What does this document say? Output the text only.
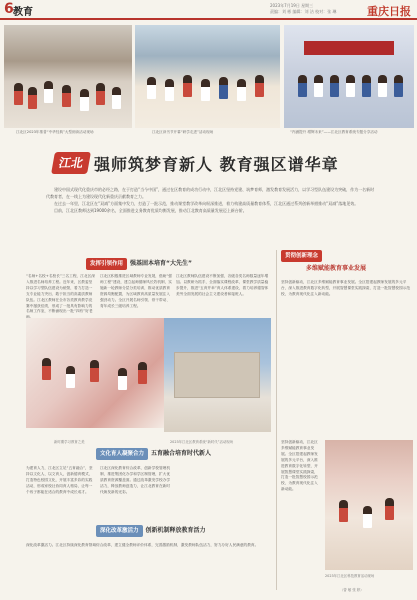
6 教育
2023年7月19日 星期三
责编：刘 彬 编辑：刘 洁 校对：张 琳	重庆日报
江北区2023年推普“中华经典”大型朗读活动现场	江北区读书节开幕“研学走进”活动现场	“内涵提升 增辉未来”——江北区教育系统专题分享活动
江北 强师筑梦育新人 教育强区谱华章

建设中国式现代化重庆市的必经之路，在于打造“当今中国”，通过在区教育的成功行动中，江北区坚持党建、筑梦育师，激发教育发展活力，以学习型队伍建设为突破，作为一名新时代教育者，在一线上为建设现代化新重庆贡献教育之力。

在过去一年里，江北区在“双减”方面集中发力，打造了一批示范，推动课堂教学改革向纵深推进，着力构建高质量教育体系，江北区通过系列创新举措推动“双减”落地见效。

目前，江北区教师达到19000余名，全面推进义务教育优质均衡发展，推动江北教育高质量发展迈上新台阶。

发挥引领作用 强基固本培育“大先生”
“名师+名校+名校长”三名工程，江北区深入推进名师培养工程。近年来，区教委坚持以学习型队伍建设为统领，着力打造一支专业能力突出、敢于担当的高素质教师队伍。江北区教师在全市各类教育教学竞赛中屡获佳绩，形成了一批具有影响力的名师工作室，不断涌现出一批“四有”好老
江北区积极推进区域教师专业发展，借助“强师工程”建设，建立起师德师风长效机制，实施新一轮教师分层分类培训，推动优质教育资源均衡配置，为区域教育高质量发展注入强劲动力。全区开展名师引领、骨干带动、青年成长三级培养工程。
江北区教师队伍建设不断加强，各级各类名师数量逐年增加。以教研为抓手，全面落实课程改革，课堂教学质量稳步提升，推进“五育并举”育人体系建设，着力培养德智体美劳全面发展的社会主义建设者和接班人。
贯彻创新理念
多维赋能教育事业发展
坚持创新驱动，江北区多维赋能教育事业发展。全区搭建起教师发展的多元平台，深入推进教育数字化转型，开展智慧课堂实践探索，打造一批智慧校园示范校，为教育现代化注入新动能。
新时期学习教育之美	2023年江北区教育系统“新时代”活动现场
文化育人凝聚合力 五育融合培育时代新人
为建育人力，江北区立足“五育融合”，坚持以文化人、以文育人，创新德育模式，打造特色校园文化，开展丰富多彩的实践活动，形成家校社协同育人格局，让每一个孩子都能在适合的教育中成长成才。
江北区深化教育综合改革，创新学校管理机制，推进集团化办学和学区制管理，扩大优质教育资源覆盖面。通过改革激发学校办学活力，释放教师创造力，让江北教育在新时代焕发新的光彩。
深化改革激活力 创新机制释放教育活力
深化改革激活力。江北区持续深化教育领域综合改革，建立健全教师评价体系，完善激励机制，激发教师队伍活力，努力办好人民满意的教育。
坚持创新驱动，江北区多维赋能教育事业发展。全区搭建起教师发展的多元平台，深入推进教育数字化转型，开展智慧课堂实践探索，打造一批智慧校园示范校，为教育现代化注入新动能。
2023年江北区科技教育活动现场
（曾 敏 张 婷）
